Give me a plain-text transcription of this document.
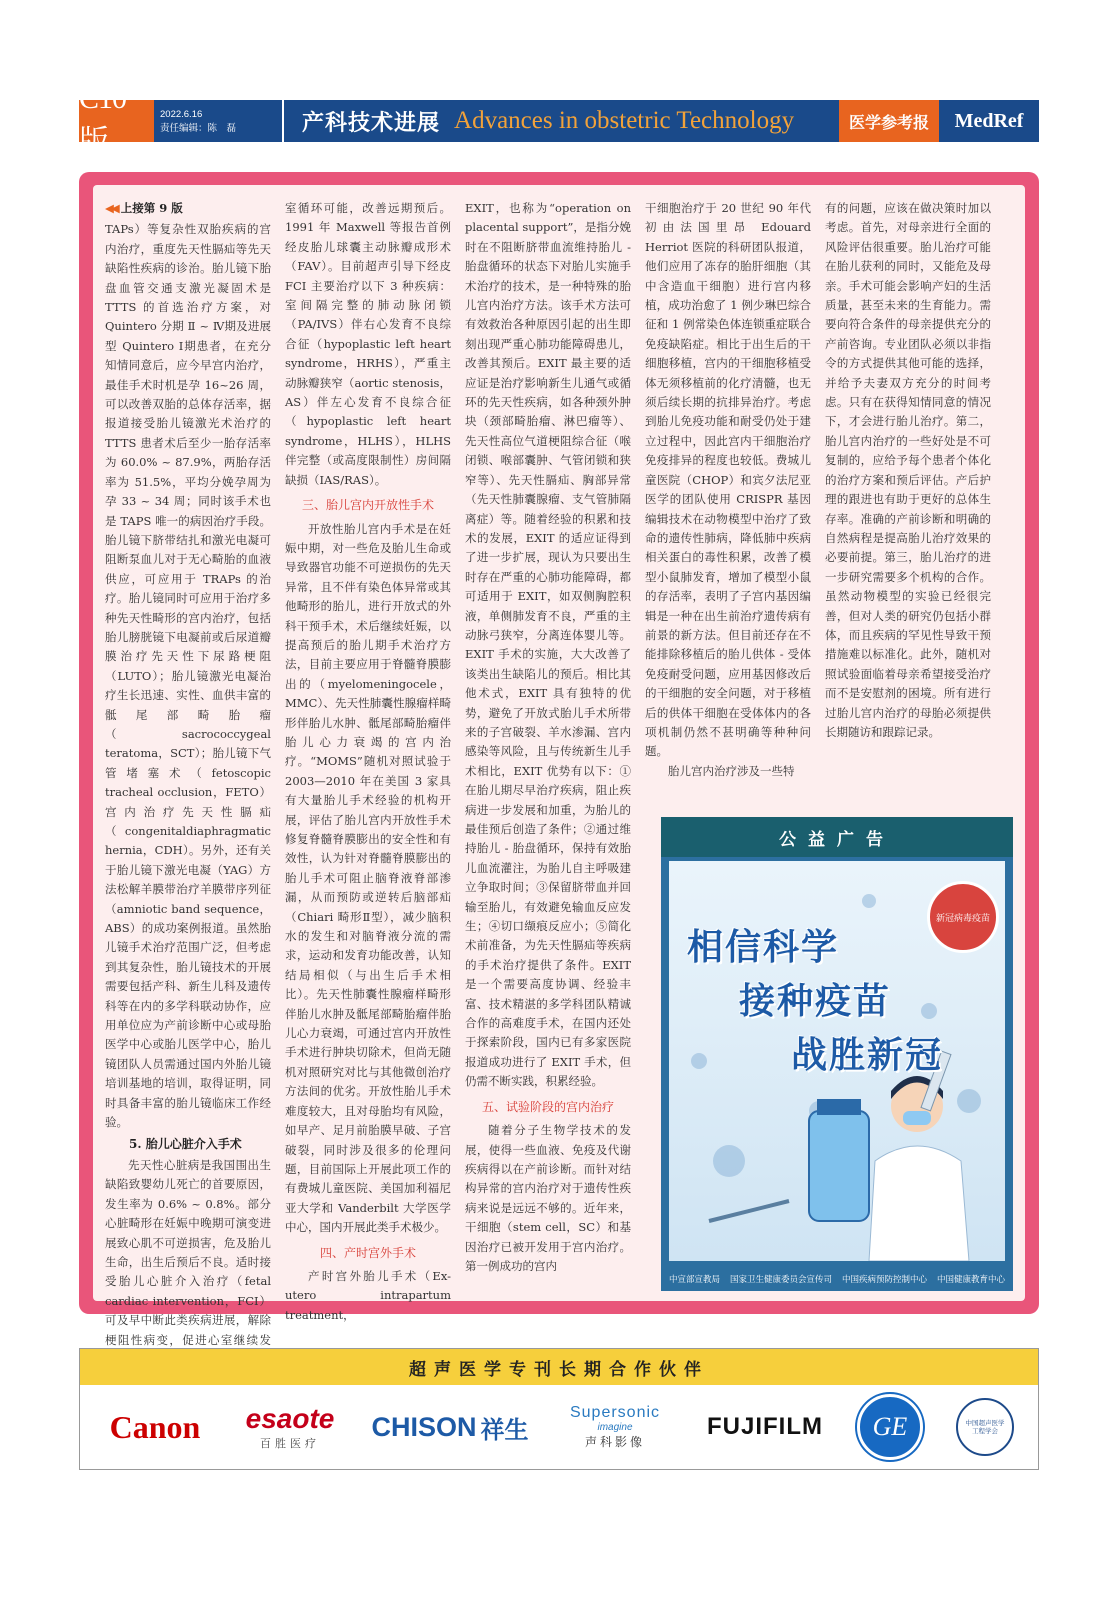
C10版
2022.6.16
责任编辑：陈　磊	产科技术进展 Advances in obstetric Technology	医学参考报	MedRef
◀◀ 上接第 9 版

TAPs）等复杂性双胎疾病的宫内治疗，重度先天性膈疝等先天缺陷性疾病的诊治。胎儿镜下胎盘血管交通支激光凝固术是 TTTS 的首选治疗方案，对 Quintero 分期 Ⅱ ~ Ⅳ期及进展型 Quintero Ⅰ期患者，在充分知情同意后，应今早宫内治疗，最佳手术时机是孕 16~26 周，可以改善双胎的总体存活率，据报道接受胎儿镜激光术治疗的 TTTS 患者术后至少一胎存活率为 60.0% ~ 87.9%，两胎存活率为 51.5%，平均分娩孕周为孕 33 ~ 34 周；同时该手术也是 TAPS 唯一的病因治疗手段。胎儿镜下脐带结扎和激光电凝可阻断泵血儿对于无心畸胎的血液供应，可应用于 TRAPs 的治疗。胎儿镜同时可应用于治疗多种先天性畸形的宫内治疗，包括胎儿膀胱镜下电凝前或后尿道瓣膜治疗先天性下尿路梗阻（LUTO）；胎儿镜激光电凝治疗生长迅速、实性、血供丰富的骶尾部畸胎瘤（sacrococcygeal teratoma，SCT）；胎儿镜下气管堵塞术（fetoscopic tracheal occlusion，FETO）宫内治疗先天性膈疝（congenitaldiaphragmatic hernia，CDH）。另外，还有关于胎儿镜下激光电凝（YAG）方法松解羊膜带治疗羊膜带序列征（amniotic band sequence，ABS）的成功案例报道。虽然胎儿镜手术治疗范围广泛，但考虑到其复杂性，胎儿镜技术的开展需要包括产科、新生儿科及遗传科等在内的多学科联动协作，应用单位应为产前诊断中心或母胎医学中心或胎儿医学中心，胎儿镜团队人员需通过国内外胎儿镜培训基地的培训，取得证明，同时具备丰富的胎儿镜临床工作经验。

5. 胎儿心脏介入手术

先天性心脏病是我国围出生缺陷致婴幼儿死亡的首要原因，发生率为 0.6% ~ 0.8%。部分心脏畸形在妊娠中晚期可演变进展致心肌不可逆损害，危及胎儿生命，出生后预后不良。适时接受胎儿心脏介入治疗（fetal cardiac intervention，FCI）可及早中断此类疾病进展，解除梗阻性病变，促进心室继续发

室循环可能，改善远期预后。1991 年 Maxwell 等报告首例经皮胎儿球囊主动脉瓣成形术（FAV）。目前超声引导下经皮 FCI 主要治疗以下 3 种疾病：室间隔完整的肺动脉闭锁（PA/IVS）伴右心发育不良综合征（hypoplastic left heart syndrome，HRHS），严重主动脉瓣狭窄（aortic stenosis，AS）伴左心发育不良综合征（hypoplastic left heart syndrome，HLHS），HLHS 伴完整（或高度限制性）房间隔缺损（IAS/RAS）。

三、胎儿宫内开放性手术

开放性胎儿宫内手术是在妊娠中期，对一些危及胎儿生命或导致器官功能不可逆损伤的先天异常，且不伴有染色体异常或其他畸形的胎儿，进行开放式的外科干预手术，术后继续妊娠，以提高预后的胎儿期手术治疗方法，目前主要应用于脊髓脊膜膨出的（myelomeningocele，MMC）、先天性肺囊性腺瘤样畸形伴胎儿水肿、骶尾部畸胎瘤伴胎儿心力衰竭的宫内治疗。“MOMS”随机对照试验于 2003—2010 年在美国 3 家具有大量胎儿手术经验的机构开展，评估了胎儿宫内开放性手术修复脊髓脊膜膨出的安全性和有效性，认为针对脊髓脊膜膨出的胎儿手术可阻止脑脊液脊部渗漏，从而预防或逆转后脑部疝（Chiari 畸形Ⅱ型），减少脑积水的发生和对脑脊液分流的需求，运动和发育功能改善，认知结局相似（与出生后手术相比）。先天性肺囊性腺瘤样畸形伴胎儿水肿及骶尾部畸胎瘤伴胎儿心力衰竭，可通过宫内开放性手术进行肿块切除术，但尚无随机对照研究对比与其他微创治疗方法间的优劣。开放性胎儿手术难度较大，且对母胎均有风险，如早产、足月前胎膜早破、子宫破裂，同时涉及很多的伦理问题，目前国际上开展此项工作的有费城儿童医院、美国加利福尼亚大学和 Vanderbilt 大学医学中心，国内开展此类手术极少。

四、产时宫外手术

产时宫外胎儿手术（Ex-utero intrapartum treatment，

EXIT，也称为“operation on placental support”，是指分娩时在不阻断脐带血流维持胎儿 - 胎盘循环的状态下对胎儿实施手术治疗的技术，是一种特殊的胎儿宫内治疗方法。该手术方法可有效救治各种原因引起的出生即刻出现严重心肺功能障碍患儿，改善其预后。EXIT 最主要的适应证是治疗影响新生儿通气或循环的先天性疾病，如各种颈外肿块（颈部畸胎瘤、淋巴瘤等）、先天性高位气道梗阻综合征（喉闭锁、喉部囊肿、气管闭锁和狭窄等）、先天性膈疝、胸部异常（先天性肺囊腺瘤、支气管肺隔离症）等。随着经验的积累和技术的发展，EXIT 的适应证得到了进一步扩展，现认为只要出生时存在严重的心肺功能障碍，都可适用于 EXIT，如双侧胸腔积液，单侧肺发育不良，严重的主动脉弓狭窄，分离连体婴儿等。EXIT 手术的实施，大大改善了该类出生缺陷儿的预后。相比其他术式，EXIT 具有独特的优势，避免了开放式胎儿手术所带来的子宫破裂、羊水渗漏、宫内感染等风险，且与传统新生儿手术相比，EXIT 优势有以下：①在胎儿期尽早治疗疾病，阻止疾病进一步发展和加重，为胎儿的最佳预后创造了条件；②通过维持胎儿 - 胎盘循环，保持有效胎儿血流灌注，为胎儿自主呼吸建立争取时间；③保留脐带血并回输至胎儿，有效避免输血反应发生；④切口缬痕反应小；⑤简化术前准备，为先天性膈疝等疾病的手术治疗提供了条件。EXIT 是一个需要高度协调、经验丰富、技术精湛的多学科团队精诚合作的高难度手术，在国内还处于探索阶段，国内已有多家医院报道成功进行了 EXIT 手术，但仍需不断实践，积累经验。

五、试验阶段的宫内治疗

随着分子生物学技术的发展，使得一些血液、免疫及代谢疾病得以在产前诊断。而针对结构异常的宫内治疗对于遗传性疾病来说是远远不够的。近年来，干细胞（stem cell，SC）和基因治疗已被开发用于宫内治疗。第一例成功的宫内

干细胞治疗于 20 世纪 90 年代初由法国里昂 Edouard Herriot 医院的科研团队报道，他们应用了冻存的胎肝细胞（其中含造血干细胞）进行宫内移植，成功治愈了 1 例少琳巴综合征和 1 例常染色体连锁重症联合免疫缺陷症。相比于出生后的干细胞移植，宫内的干细胞移植受体无须移植前的化疗清髓，也无须后续长期的抗排异治疗。考虑到胎儿免疫功能和耐受仍处于建立过程中，因此宫内干细胞治疗免疫排异的程度也较低。费城儿童医院（CHOP）和宾夕法尼亚医学的团队使用 CRISPR 基因编辑技术在动物模型中治疗了致命的遗传性肺病，降低肺中疾病相关蛋白的毒性积累，改善了模型小鼠肺发育，增加了模型小鼠的存活率，表明了子宫内基因编辑是一种在出生前治疗遗传病有前景的新方法。但目前还存在不能排除移植后的胎儿供体 - 受体免疫耐受问题，应用基因修改后的干细胞的安全问题，对于移植后的供体干细胞在受体体内的各项机制仍然不甚明确等种种问题。

胎儿宫内治疗涉及一些特

有的问题，应该在做决策时加以考虑。首先，对母亲进行全面的风险评估很重要。胎儿治疗可能在胎儿获利的同时，又能危及母亲。手术可能会影响产妇的生活质量，甚至未来的生育能力。需要向符合条件的母亲提供充分的产前咨询。专业团队必须以非指令的方式提供其他可能的选择，并给予夫妻双方充分的时间考虑。只有在获得知情同意的情况下，才会进行胎儿治疗。第二，胎儿宫内治疗的一些好处是不可复制的，应给予每个患者个体化的治疗方案和预后评估。产后护理的跟进也有助于更好的总体生存率。准确的产前诊断和明确的自然病程是提高胎儿治疗效果的必要前提。第三，胎儿治疗的进一步研究需要多个机构的合作。虽然动物模型的实验已经很完善，但对人类的研究仍包括小群体，而且疾病的罕见性导致干预措施难以标准化。此外，随机对照试验面临着母亲希望接受治疗而不是安慰剂的困境。所有进行过胎儿宫内治疗的母胎必须提供长期随访和跟踪记录。

公益广告
新冠病毒疫苗
相信科学
接种疫苗
战胜新冠
中宣部宣教局 国家卫生健康委员会宣传司 中国疾病预防控制中心 中国健康教育中心
超声医学专刊长期合作伙伴
Canon esaote
百胜医疗
CHISON 祥生
Supersonic
imagine
声科影像
FUJIFILM	GE	中国超声医学工程学会
